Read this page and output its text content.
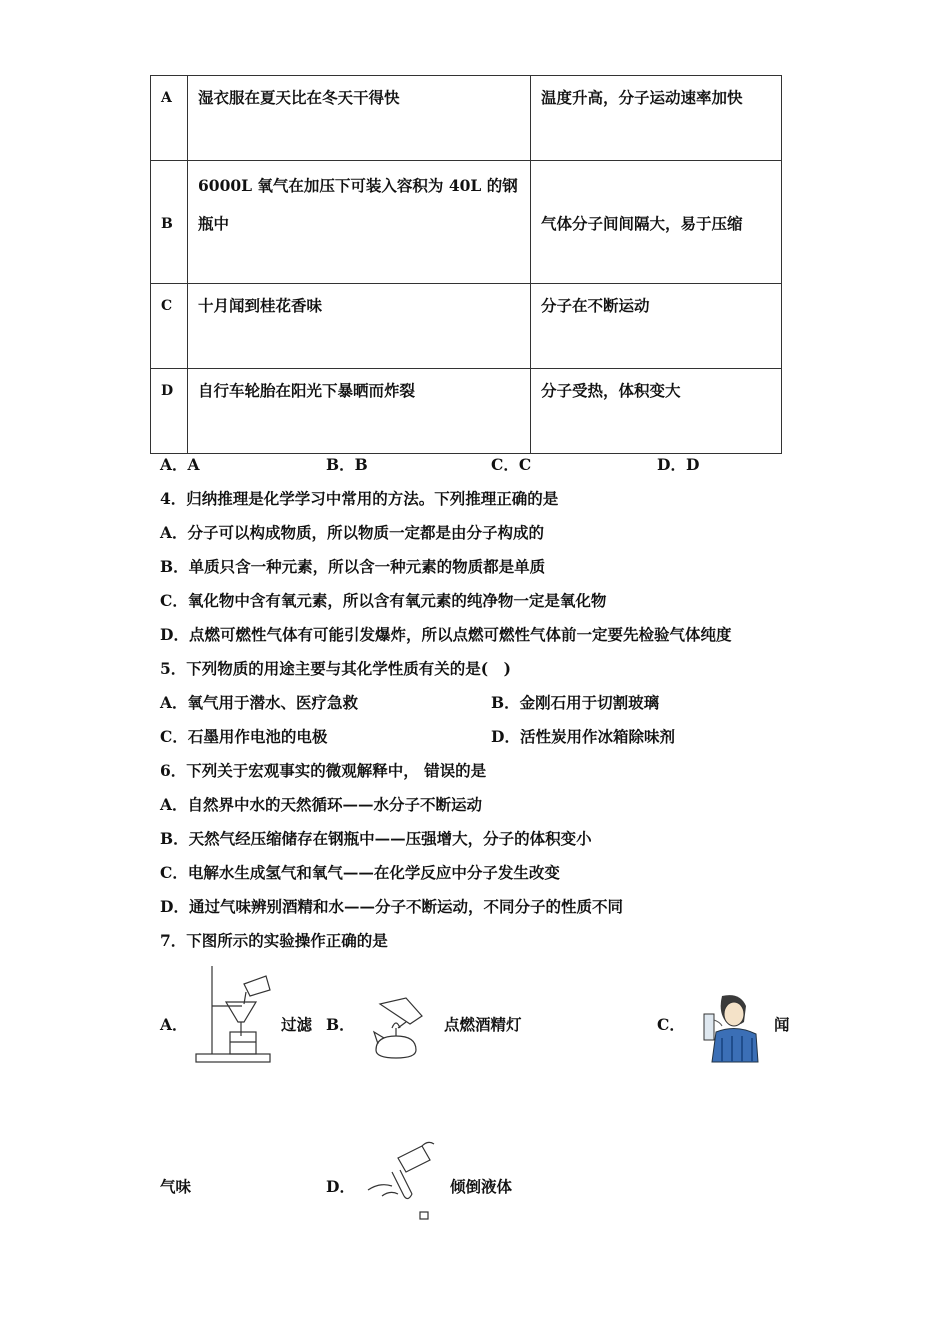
A	湿衣服在夏天比在冬天干得快	温度升高，分子运动速率加快
B	6000L 氧气在加压下可装入容积为 40L 的钢瓶中	气体分子间间隔大，易于压缩
C	十月闻到桂花香味	分子在不断运动
D	自行车轮胎在阳光下暴晒而炸裂	分子受热，体积变大
A．A	B．B	C．C	D．D
4．归纳推理是化学学习中常用的方法。下列推理正确的是
A．分子可以构成物质，所以物质一定都是由分子构成的
B．单质只含一种元素，所以含一种元素的物质都是单质
C．氧化物中含有氧元素，所以含有氧元素的纯净物一定是氧化物
D．点燃可燃性气体有可能引发爆炸，所以点燃可燃性气体前一定要先检验气体纯度
5．下列物质的用途主要与其化学性质有关的是(　)
A．氧气用于潜水、医疗急救	B．金刚石用于切割玻璃
C．石墨用作电池的电极	D．活性炭用作冰箱除味剂
6．下列关于宏观事实的微观解释中， 错误的是
A．自然界中水的天然循环——水分子不断运动
B．天然气经压缩储存在钢瓶中——压强增大，分子的体积变小
C．电解水生成氢气和氧气——在化学反应中分子发生改变
D．通过气味辨别酒精和水——分子不断运动，不同分子的性质不同
7．下图所示的实验操作正确的是
A．	过滤 B．	点燃酒精灯	C．	闻
气味	D．	倾倒液体
